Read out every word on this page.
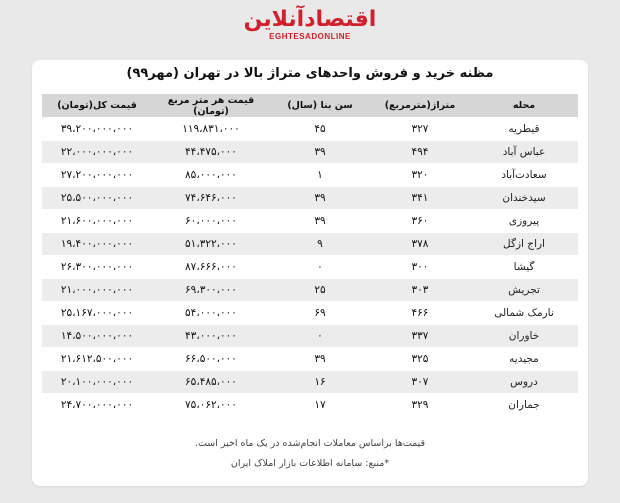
اقتصادآنلاین
EGHTESADONLINE
مظنه خرید و فروش واحدهای متراژ بالا در تهران (مهر۹۹)
محله	متراژ(مترمربع)	سن بنا (سال)	قیمت هر متر مربع (تومان)	قیمت کل(تومان)
قیطریه	۳۲۷	۴۵	۱۱۹،۸۳۱،۰۰۰	۳۹،۲۰۰،۰۰۰،۰۰۰
عباس آباد	۴۹۴	۳۹	۴۴،۴۷۵،۰۰۰	۲۲،۰۰۰،۰۰۰،۰۰۰
سعادت‌آباد	۳۲۰	۱	۸۵،۰۰۰،۰۰۰	۲۷،۲۰۰،۰۰۰،۰۰۰
سیدخندان	۳۴۱	۳۹	۷۴،۶۴۶،۰۰۰	۲۵،۵۰۰،۰۰۰،۰۰۰
پیروزی	۳۶۰	۳۹	۶۰،۰۰۰،۰۰۰	۲۱،۶۰۰،۰۰۰،۰۰۰
اراج ازگل	۳۷۸	۹	۵۱،۳۲۲،۰۰۰	۱۹،۴۰۰،۰۰۰،۰۰۰
گیشا	۳۰۰	۰	۸۷،۶۶۶،۰۰۰	۲۶،۳۰۰،۰۰۰،۰۰۰
تجریش	۳۰۳	۲۵	۶۹،۳۰۰،۰۰۰	۲۱،۰۰۰،۰۰۰،۰۰۰
نارمک شمالی	۴۶۶	۶۹	۵۴،۰۰۰،۰۰۰	۲۵،۱۶۷،۰۰۰،۰۰۰
خاوران	۳۳۷	۰	۴۳،۰۰۰،۰۰۰	۱۴،۵۰۰،۰۰۰،۰۰۰
مجیدیه	۳۲۵	۳۹	۶۶،۵۰۰،۰۰۰	۲۱،۶۱۲،۵۰۰،۰۰۰
دروس	۳۰۷	۱۶	۶۵،۴۸۵،۰۰۰	۲۰،۱۰۰،۰۰۰،۰۰۰
جماران	۳۲۹	۱۷	۷۵،۰۶۲،۰۰۰	۲۴،۷۰۰،۰۰۰،۰۰۰
قیمت‌ها براساس معاملات انجام‌شده در یک ماه اخیر است.
*منبع: سامانه اطلاعات بازار املاک ایران
